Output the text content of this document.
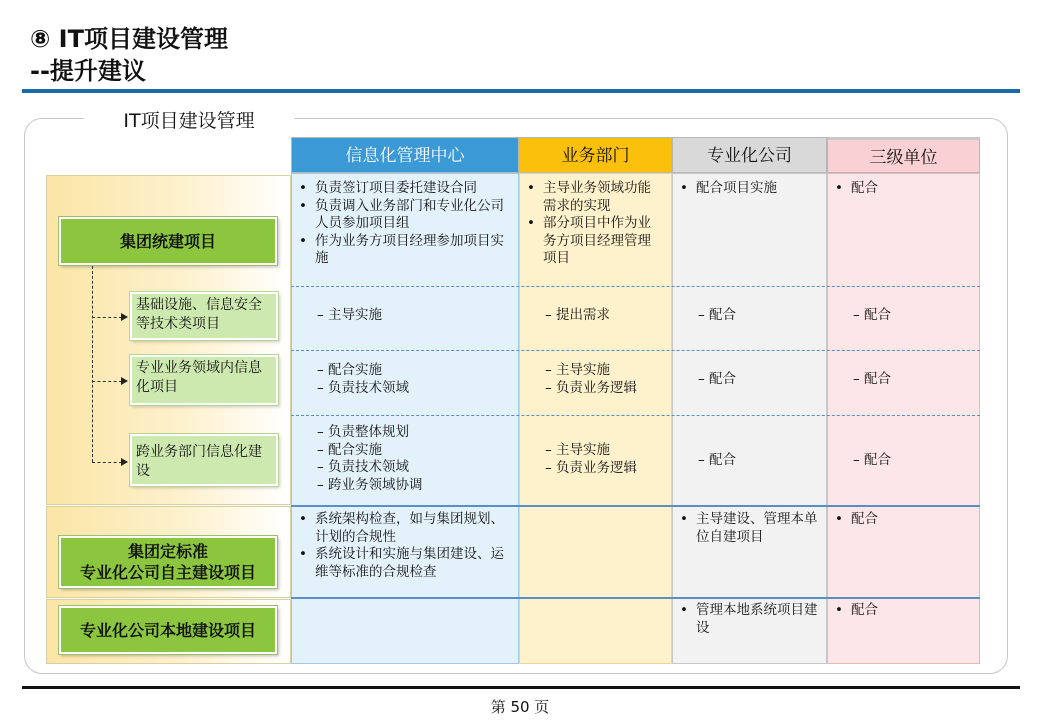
⑧ IT项目建设管理
--提升建议
IT项目建设管理
信息化管理中心	业务部门	专业化公司	三级单位
集团统建项目
基础设施、信息安全等技术类项目
专业业务领域内信息化项目
跨业务部门信息化建设
集团定标准
专业化公司自主建设项目
专业化公司本地建设项目
• 负责签订项目委托建设合同
• 负责调入业务部门和专业化公司人员参加项目组
• 作为业务方项目经理参加项目实施
• 主导业务领域功能需求的实现
• 部分项目中作为业务方项目经理管理项目
• 配合项目实施
•	配合
– 主导实施	– 提出需求	– 配合	– 配合
– 配合实施
– 负责技术领域
– 主导实施
– 负责业务逻辑
– 配合	– 配合
– 负责整体规划
– 配合实施
– 负责技术领域
– 跨业务领域协调
– 主导实施
– 负责业务逻辑	– 配合	– 配合
• 系统架构检查，如与集团规划、计划的合规性
• 系统设计和实施与集团建设、运维等标准的合规检查
• 主导建设、管理本单位自建项目
• 配合
• 管理本地系统项目建设
• 配合
第 50 页
